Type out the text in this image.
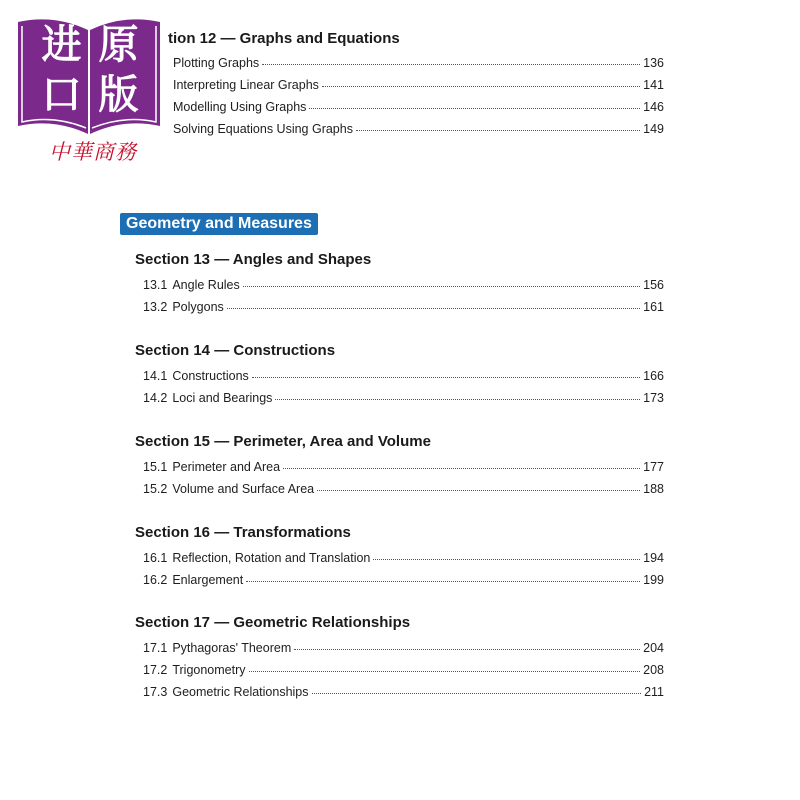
进 原
口 版
中華商務
tion 12 — Graphs and Equations
Plotting Graphs	136
Interpreting Linear Graphs	141
Modelling Using Graphs	146
Solving Equations Using Graphs	149
Geometry and Measures
Section 13 — Angles and Shapes
13.1 Angle Rules	156
13.2 Polygons	161
Section 14 — Constructions
14.1 Constructions	166
14.2 Loci and Bearings	173
Section 15 — Perimeter, Area and Volume
15.1 Perimeter and Area	177
15.2 Volume and Surface Area	188
Section 16 — Transformations
16.1 Reflection, Rotation and Translation	194
16.2 Enlargement	199
Section 17 — Geometric Relationships
17.1 Pythagoras' Theorem	204
17.2 Trigonometry	208
17.3 Geometric Relationships	211
